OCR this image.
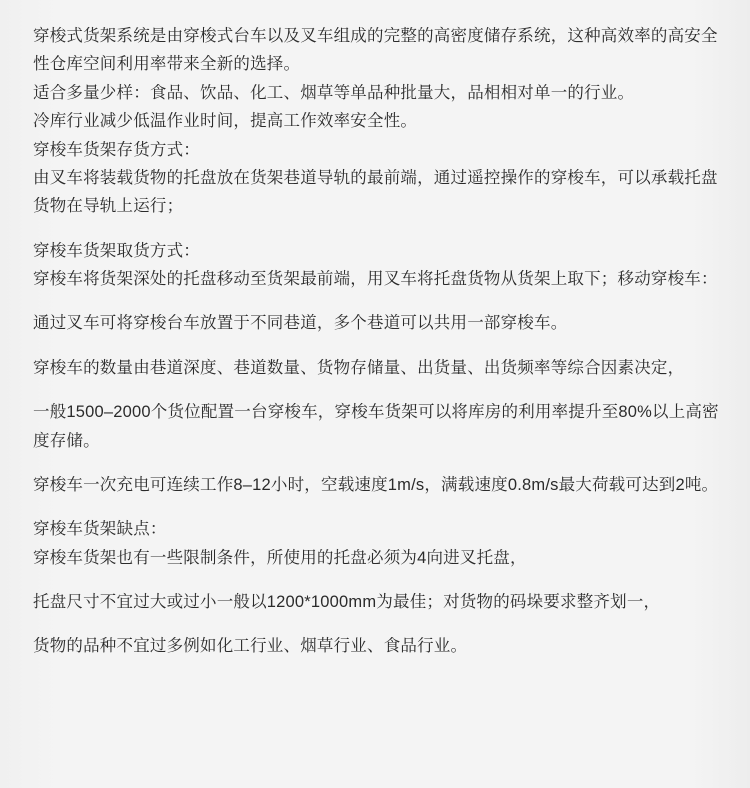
穿梭式货架系统是由穿梭式台车以及叉车组成的完整的高密度储存系统，这种高效率的高安全性仓库空间利用率带来全新的选择。

适合多量少样：食品、饮品、化工、烟草等单品种批量大，品相相对单一的行业。

冷库行业减少低温作业时间，提高工作效率安全性。

穿梭车货架存货方式：

由叉车将装载货物的托盘放在货架巷道导轨的最前端，通过遥控操作的穿梭车，可以承载托盘货物在导轨上运行；

穿梭车货架取货方式：

穿梭车将货架深处的托盘移动至货架最前端，用叉车将托盘货物从货架上取下；移动穿梭车：

通过叉车可将穿梭台车放置于不同巷道，多个巷道可以共用一部穿梭车。

穿梭车的数量由巷道深度、巷道数量、货物存储量、出货量、出货频率等综合因素决定，

一般1500–2000个货位配置一台穿梭车，穿梭车货架可以将库房的利用率提升至80%以上高密度存储。

穿梭车一次充电可连续工作8–12小时，空载速度1m/s，满载速度0.8m/s最大荷载可达到2吨。

穿梭车货架缺点：

穿梭车货架也有一些限制条件，所使用的托盘必须为4向进叉托盘，

托盘尺寸不宜过大或过小一般以1200*1000mm为最佳；对货物的码垛要求整齐划一，

货物的品种不宜过多例如化工行业、烟草行业、食品行业。
